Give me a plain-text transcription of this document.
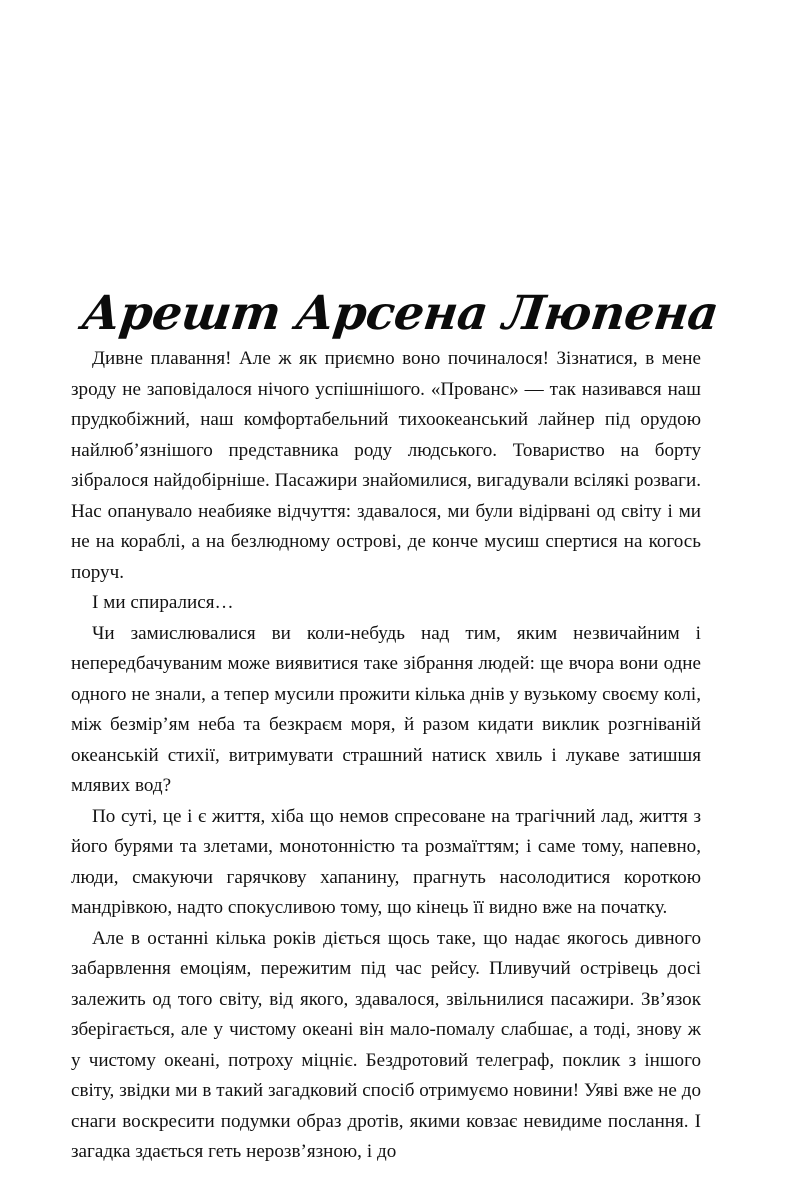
Арешт Арсена Люпена

Дивне плавання! Але ж як приємно воно починалося! Зізнатися, в мене зроду не заповідалося нічого успішнішого. «Прованс» — так називався наш прудкобіжний, наш комфортабельний тихоокеанський лайнер під орудою найлюб’язнішого представника роду людського. Товариство на борту зібралося найдобірніше. Пасажири знайомилися, вигадували всілякі розваги. Нас опанувало неабияке відчуття: здавалося, ми були відірвані од світу і ми не на кораблі, а на безлюдному острові, де конче мусиш спертися на когось поруч.

І ми спиралися…

Чи замислювалися ви коли-небудь над тим, яким незвичайним і непередбачуваним може виявитися таке зібрання людей: ще вчора вони одне одного не знали, а тепер мусили прожити кілька днів у вузькому своєму колі, між безмір’ям неба та безкраєм моря, й разом кидати виклик розгніваній океанській стихії, витримувати страшний натиск хвиль і лукаве затишшя млявих вод?

По суті, це і є життя, хіба що немов спресоване на трагічний лад, життя з його бурями та злетами, монотонністю та розмаїттям; і саме тому, напевно, люди, смакуючи гарячкову хапанину, прагнуть насолодитися короткою мандрівкою, надто спокусливою тому, що кінець її видно вже на початку.

Але в останні кілька років діється щось таке, що надає якогось дивного забарвлення емоціям, пережитим під час рейсу. Пливучий острівець досі залежить од того світу, від якого, здавалося, звільнилися пасажири. Зв’язок зберігається, але у чистому океані він мало-помалу слабшає, а тоді, знову ж у чистому океані, потроху міцніє. Бездротовий телеграф, поклик з іншого світу, звідки ми в такий загадковий спосіб отримуємо новини! Уяві вже не до снаги воскресити подумки образ дротів, якими ковзає невидиме послання. І загадка здається геть нерозв’язною, і до
